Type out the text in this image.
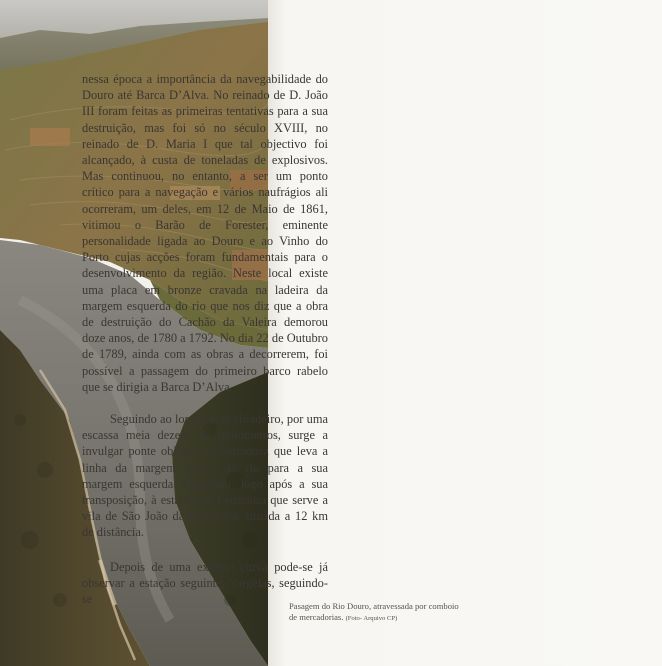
nessa época a importância da navegabilidade do Douro até Barca D’Alva. No reinado de D. João III foram feitas as primeiras tentativas para a sua destruição, mas foi só no século XVIII, no reinado de D. Maria I que tal objectivo foi alcançado, à custa de toneladas de explosivos. Mas continuou, no entanto, a ser um ponto crítico para a navegação e vários naufrágios ali ocorreram, um deles, em 12 de Maio de 1861, vitimou o Barão de Forester, eminente personalidade ligada ao Douro e ao Vinho do Porto cujas acções foram fundamentais para o desenvolvimento da região. Neste local existe uma placa em bronze cravada na ladeira da margem esquerda do rio que nos diz que a obra de destruição do Cachão da Valeira demorou doze anos, de 1780 a 1792. No dia 22 de Outubro de 1789, ainda com as obras a decorrerem, foi possível a passagem do primeiro barco rabelo que se dirigia a Barca D’Alva.

Seguindo ao longo do desfiladeiro, por uma escassa meia dezena de quilómetros, surge a invulgar ponte oblíqua da Ferradosa que leva a linha da margem direita do rio para a sua margem esquerda, chegando, logo após a sua transposição, à estação de Ferradosa que serve a vila de São João da Pesqueira, situada a 12 km de distância.

Depois de uma extensa curva pode-se já observar a estação seguinte, Vargelas, seguindo-se	Pasagem do Rio Douro, atravessada por comboio de mercadorias. (Foto- Arquivo CP)
